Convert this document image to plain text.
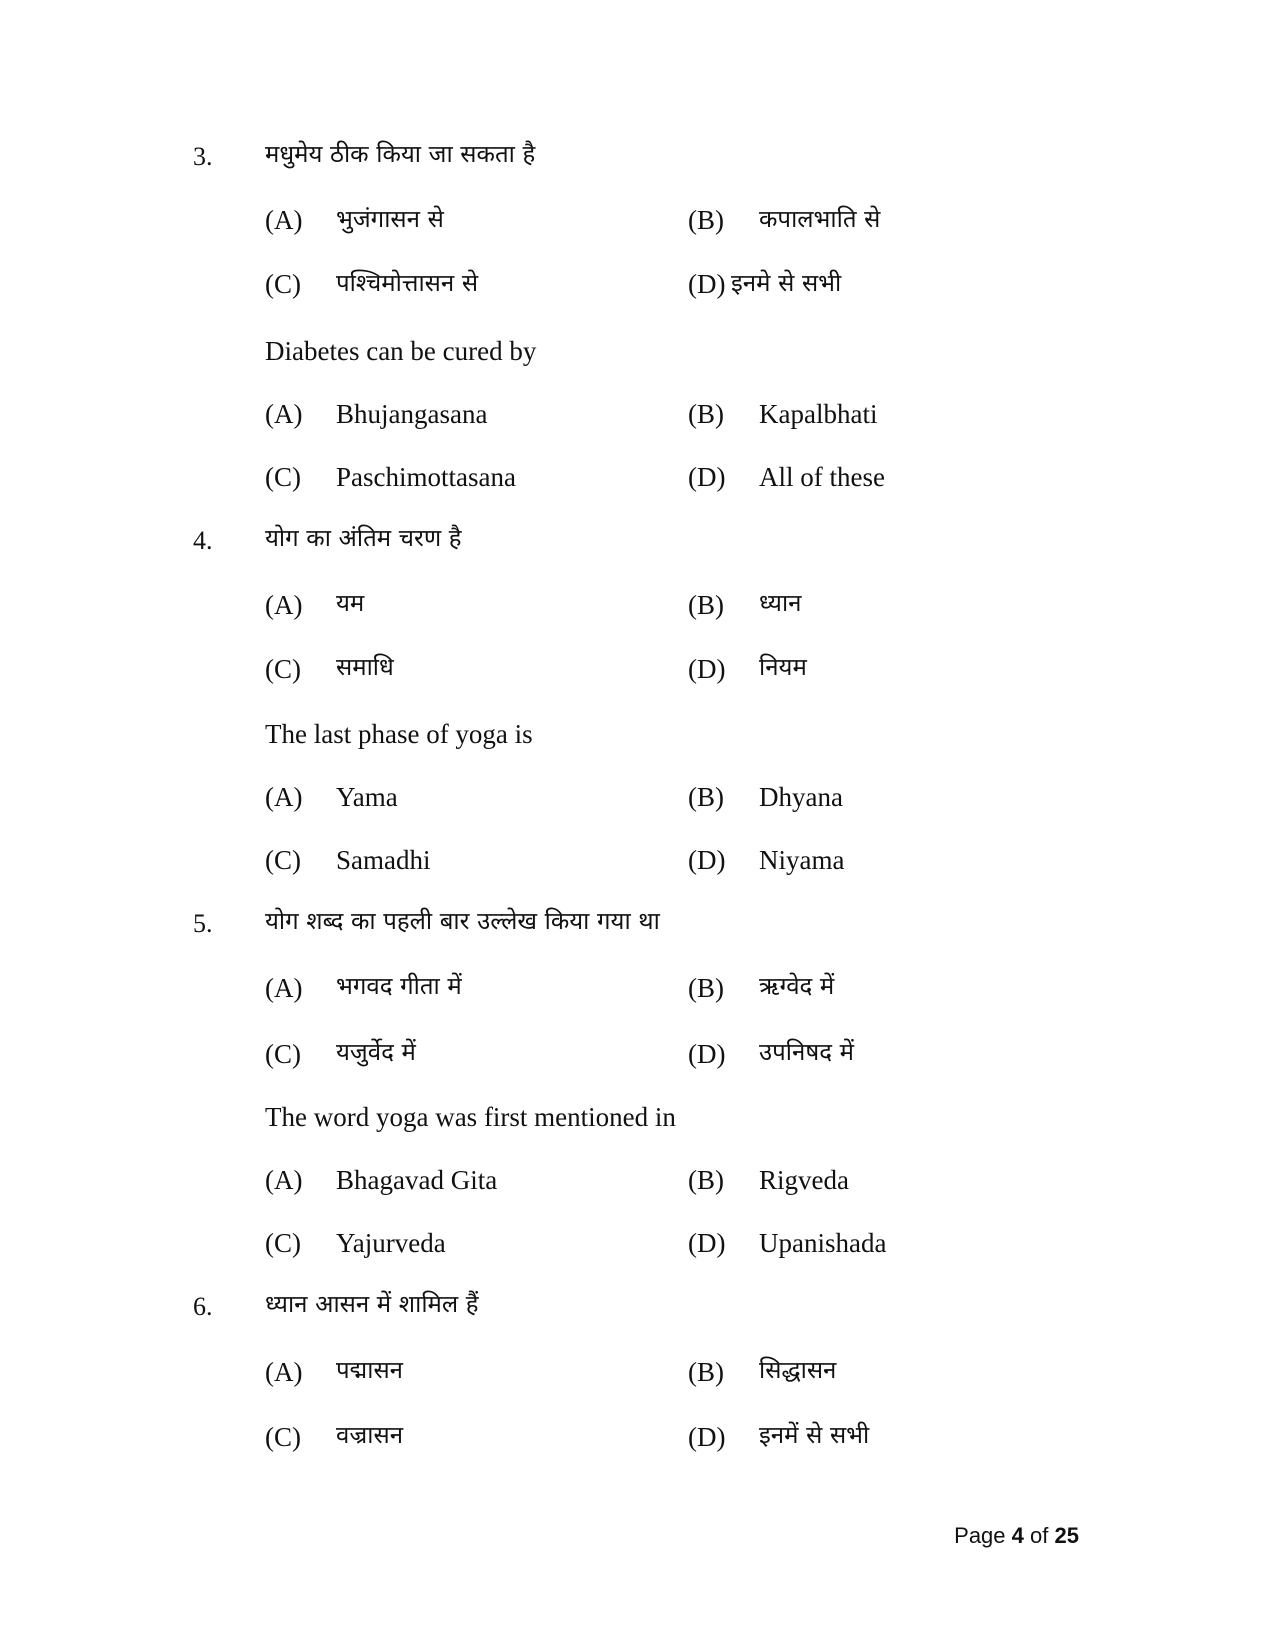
3. मधुमेय ठीक किया जा सकता है
(A) भुजंगासन से	(B) कपालभाति से
(C) पश्चिमोत्तासन से	(D) इनमे से सभी
Diabetes can be cured by
(A) Bhujangasana	(B) Kapalbhati
(C) Paschimottasana	(D) All of these
4. योग का अंतिम चरण है
(A) यम	(B) ध्यान
(C) समाधि	(D) नियम
The last phase of yoga is
(A) Yama	(B) Dhyana
(C) Samadhi	(D) Niyama
5. योग शब्द का पहली बार उल्लेख किया गया था
(A) भगवद गीता में	(B) ऋग्वेद में
(C) यजुर्वेद में	(D) उपनिषद में
The word yoga was first mentioned in
(A) Bhagavad Gita	(B) Rigveda
(C) Yajurveda	(D) Upanishada
6. ध्यान आसन में शामिल हैं
(A) पद्मासन	(B) सिद्धासन
(C) वज्रासन	(D) इनमें से सभी
Page 4 of 25
